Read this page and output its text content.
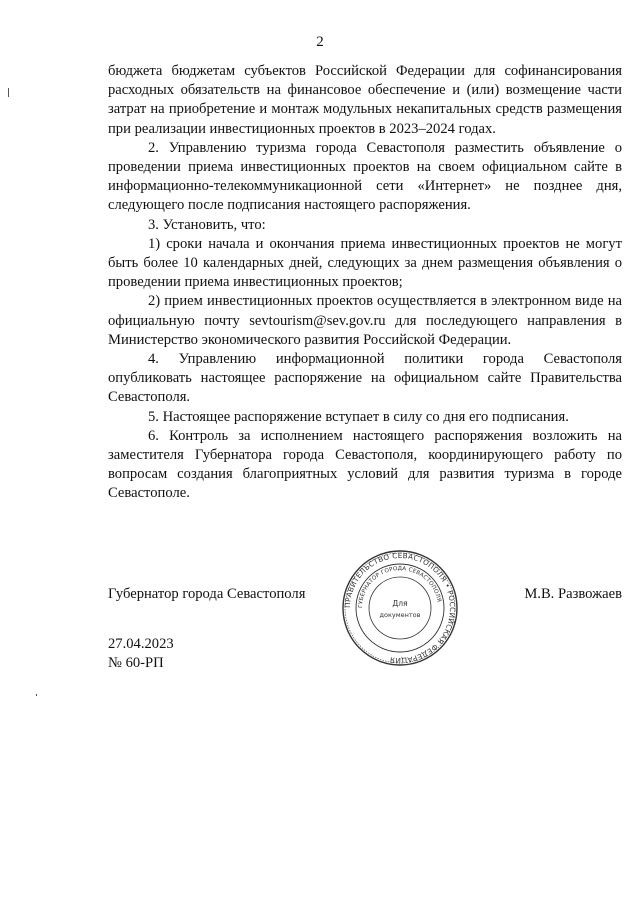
2

бюджета бюджетам субъектов Российской Федерации для софинансирования расходных обязательств на финансовое обеспечение и (или) возмещение части затрат на приобретение и монтаж модульных некапитальных средств размещения при реализации инвестиционных проектов в 2023–2024 годах.

2. Управлению туризма города Севастополя разместить объявление о проведении приема инвестиционных проектов на своем официальном сайте в информационно-телекоммуникационной сети «Интернет» не позднее дня, следующего после подписания настоящего распоряжения.

3. Установить, что:

1) сроки начала и окончания приема инвестиционных проектов не могут быть более 10 календарных дней, следующих за днем размещения объявления о проведении приема инвестиционных проектов;

2) прием инвестиционных проектов осуществляется в электронном виде на официальную почту sevtourism@sev.gov.ru для последующего направления в Министерство экономического развития Российской Федерации.

4. Управлению информационной политики города Севастополя опубликовать настоящее распоряжение на официальном сайте Правительства Севастополя.

5. Настоящее распоряжение вступает в силу со дня его подписания.

6. Контроль за исполнением настоящего распоряжения возложить на заместителя Губернатора города Севастополя, координирующего работу по вопросам создания благоприятных условий для развития туризма в городе Севастополе.

Губернатор города Севастополя	М.В. Развожаев
ПРАВИТЕЛЬСТВО СЕВАСТОПОЛЯ • РОССИЙСКАЯ ФЕДЕРАЦИЯ
ГУБЕРНАТОР ГОРОДА СЕВАСТОПОЛЯ
Для
документов
27.04.2023
№ 60-РП
